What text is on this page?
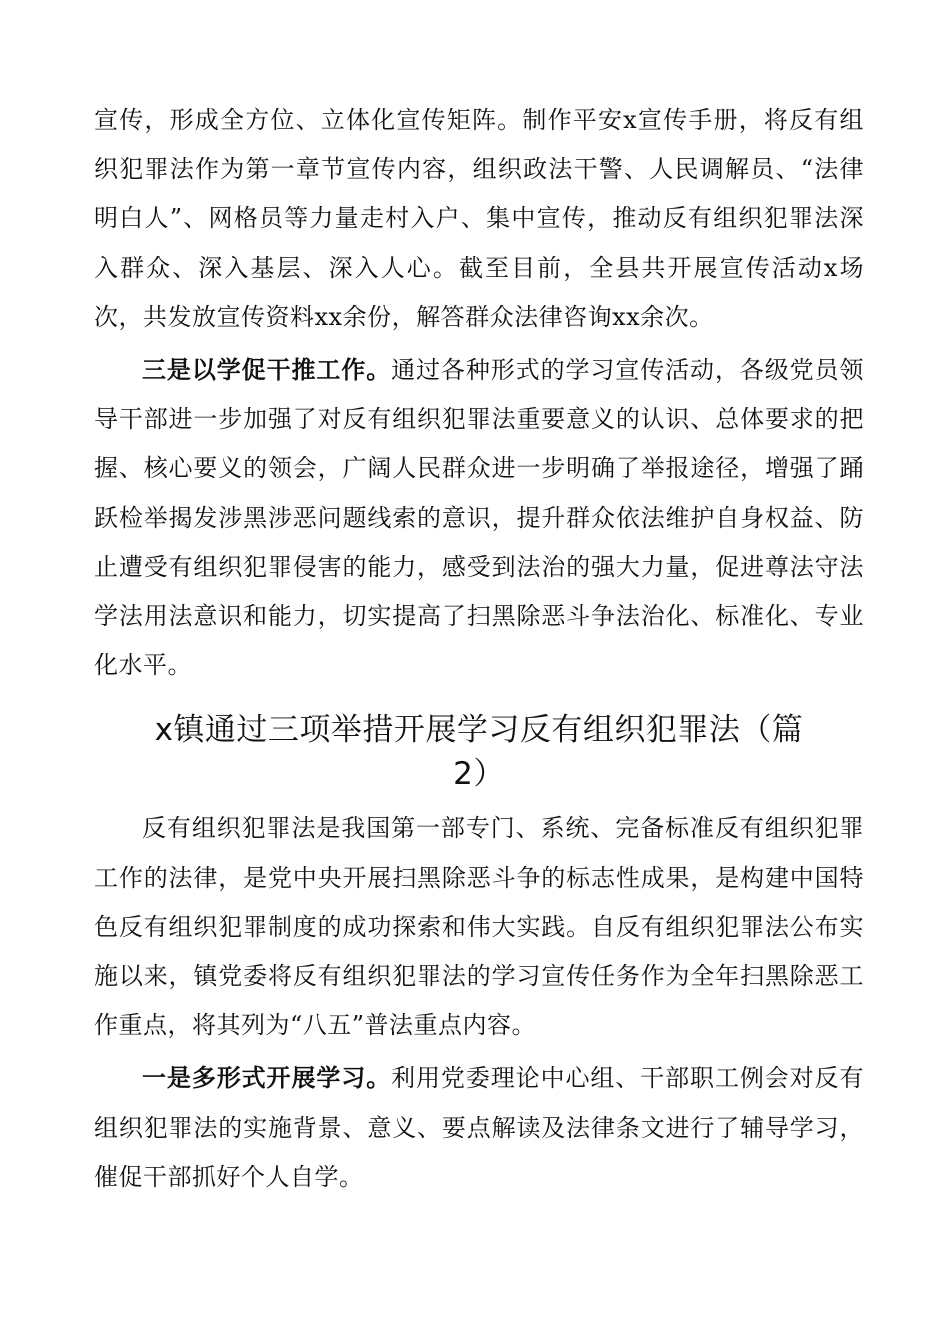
宣传，形成全方位、立体化宣传矩阵。制作平安x宣传手册，将反有组织犯罪法作为第一章节宣传内容，组织政法干警、人民调解员、“法律明白人”、网格员等力量走村入户、集中宣传，推动反有组织犯罪法深入群众、深入基层、深入人心。截至目前，全县共开展宣传活动x场次，共发放宣传资料xx余份，解答群众法律咨询xx余次。

三是以学促干推工作。通过各种形式的学习宣传活动，各级党员领导干部进一步加强了对反有组织犯罪法重要意义的认识、总体要求的把握、核心要义的领会，广阔人民群众进一步明确了举报途径，增强了踊跃检举揭发涉黑涉恶问题线索的意识，提升群众依法维护自身权益、防止遭受有组织犯罪侵害的能力，感受到法治的强大力量，促进尊法守法学法用法意识和能力，切实提高了扫黑除恶斗争法治化、标准化、专业化水平。

x镇通过三项举措开展学习反有组织犯罪法（篇
2）

反有组织犯罪法是我国第一部专门、系统、完备标准反有组织犯罪工作的法律，是党中央开展扫黑除恶斗争的标志性成果，是构建中国特色反有组织犯罪制度的成功探索和伟大实践。自反有组织犯罪法公布实施以来，镇党委将反有组织犯罪法的学习宣传任务作为全年扫黑除恶工作重点，将其列为“八五”普法重点内容。

一是多形式开展学习。利用党委理论中心组、干部职工例会对反有组织犯罪法的实施背景、意义、要点解读及法律条文进行了辅导学习，催促干部抓好个人自学。
